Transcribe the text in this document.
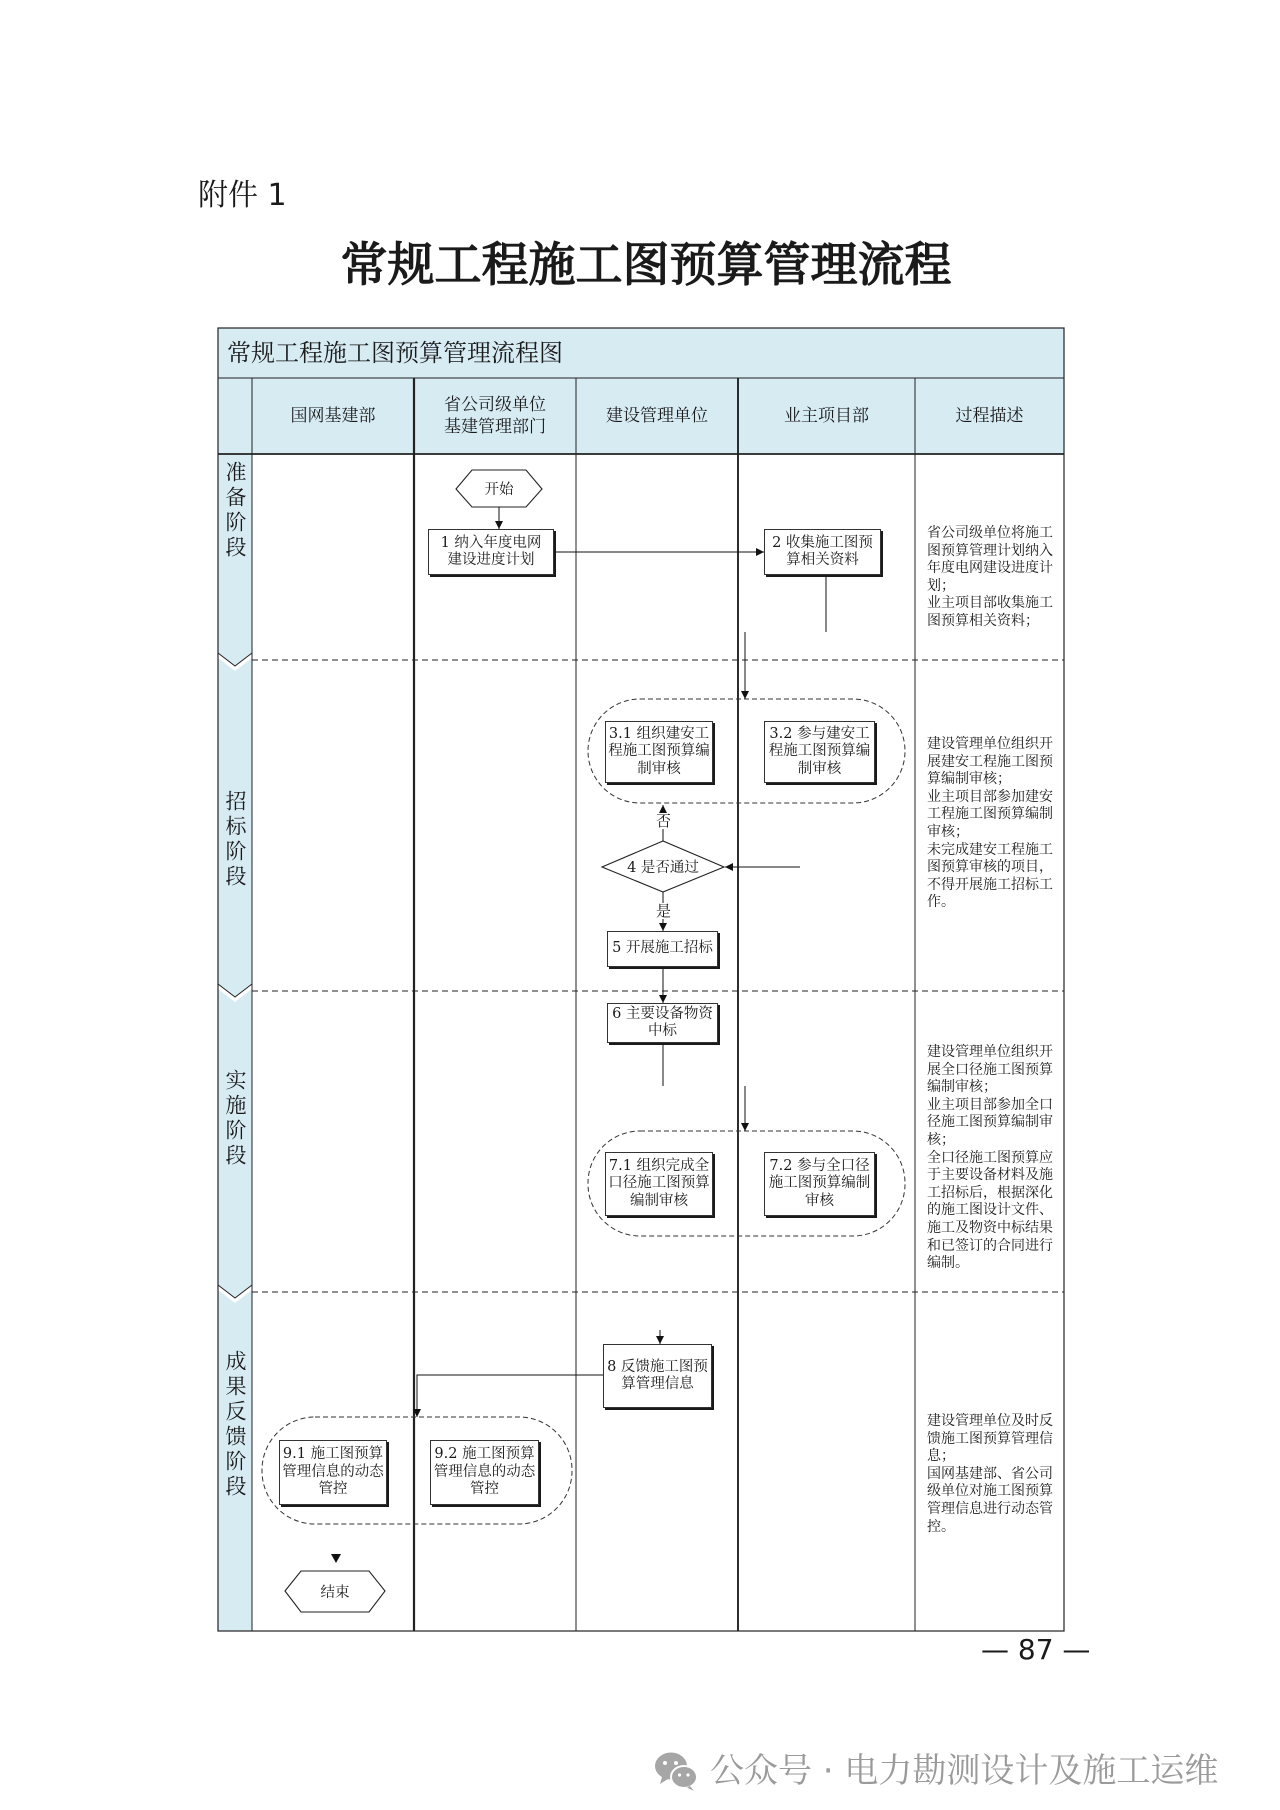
附件 1
常规工程施工图预算管理流程
常规工程施工图预算管理流程图
国网基建部
省公司级单位
基建管理部门
建设管理单位	业主项目部	过程描述
准备阶段
招标阶段
实施阶段
成果反馈阶段
开始
1 纳入年度电网
建设进度计划
2 收集施工图预
算相关资料
3.1 组织建安工
程施工图预算编
制审核
3.2 参与建安工
程施工图预算编
制审核
否
4 是否通过
是
5 开展施工招标
6 主要设备物资
中标
7.1 组织完成全
口径施工图预算
编制审核
7.2 参与全口径
施工图预算编制
审核
8 反馈施工图预
算管理信息
9.1 施工图预算
管理信息的动态
管控
9.2 施工图预算
管理信息的动态
管控
结束
省公司级单位将施工
图预算管理计划纳入
年度电网建设进度计
划；
业主项目部收集施工
图预算相关资料；
建设管理单位组织开
展建安工程施工图预
算编制审核；
业主项目部参加建安
工程施工图预算编制
审核；
未完成建安工程施工
图预算审核的项目，
不得开展施工招标工
作。
建设管理单位组织开
展全口径施工图预算
编制审核；
业主项目部参加全口
径施工图预算编制审
核；
全口径施工图预算应
于主要设备材料及施
工招标后，根据深化
的施工图设计文件、
施工及物资中标结果
和已签订的合同进行
编制。
建设管理单位及时反
馈施工图预算管理信
息；
国网基建部、省公司
级单位对施工图预算
管理信息进行动态管
控。
— 87 —
公众号 · 电力勘测设计及施工运维
